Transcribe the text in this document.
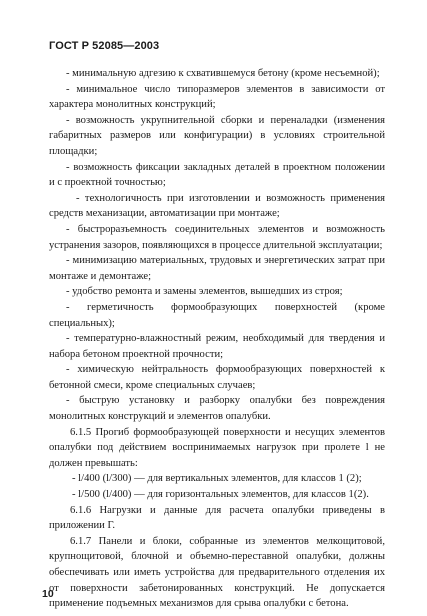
ГОСТ Р 52085—2003

- минимальную адгезию к схватившемуся бетону (кроме несъемной);

- минимальное число типоразмеров элементов в зависимости от характера монолитных конструкций;

- возможность укрупнительной сборки и переналадки (изменения габаритных размеров или конфигурации) в условиях строительной площадки;

- возможность фиксации закладных деталей в проектном положении и с проектной точностью;

- технологичность при изготовлении и возможность применения средств механизации, автоматизации при монтаже;

- быстроразъемность соединительных элементов и возможность устранения зазоров, появляющихся в процессе длительной эксплуатации;

- минимизацию материальных, трудовых и энергетических затрат при монтаже и демонтаже;

- удобство ремонта и замены элементов, вышедших из строя;

- герметичность формообразующих поверхностей (кроме специальных);

- температурно-влажностный режим, необходимый для твердения и набора бетоном проектной прочности;

- химическую нейтральность формообразующих поверхностей к бетонной смеси, кроме специальных случаев;

- быструю установку и разборку опалубки без повреждения монолитных конструкций и элементов опалубки.

6.1.5 Прогиб формообразующей поверхности и несущих элементов опалубки под действием воспринимаемых нагрузок при пролете l не должен превышать:

- l/400 (l/300) — для вертикальных элементов, для классов 1 (2);

- l/500 (l/400) — для горизонтальных элементов, для классов 1(2).

6.1.6 Нагрузки и данные для расчета опалубки приведены в приложении Г.

6.1.7 Панели и блоки, собранные из элементов мелкощитовой, крупнощитовой, блочной и объемно-переставной опалубки, должны обеспечивать или иметь устройства для предварительного отделения их от поверхности забетонированных конструкций. Не допускается применение подъемных механизмов для срыва опалубки с бетона.

10
